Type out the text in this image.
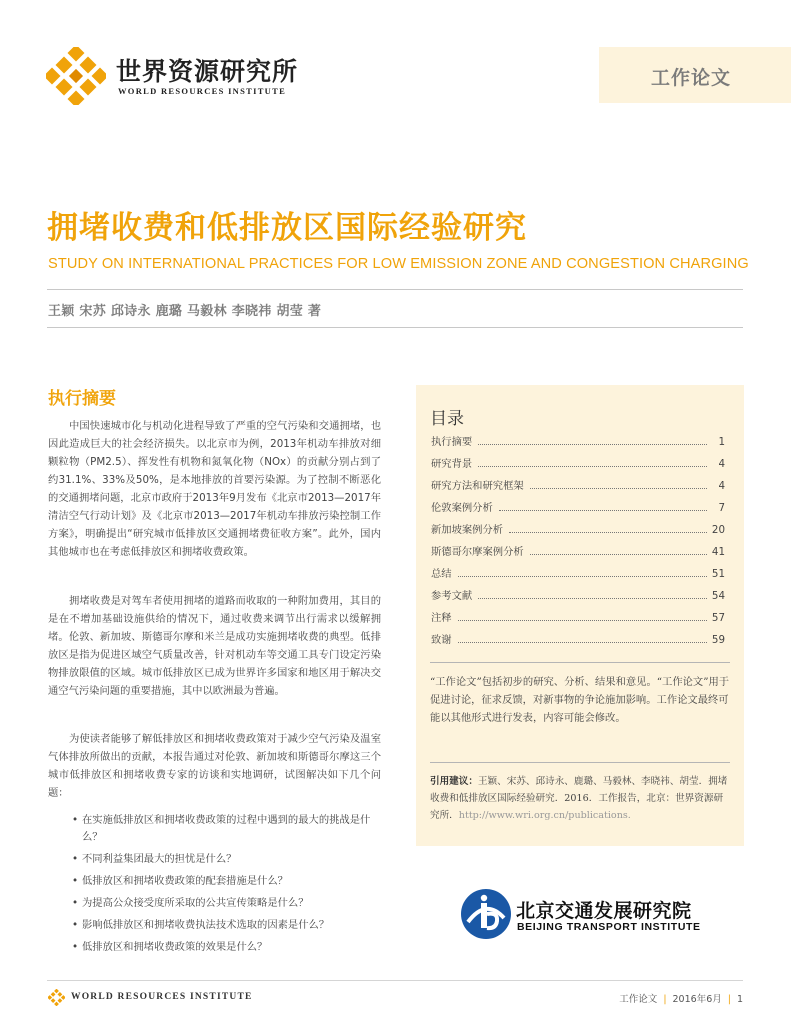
世界资源研究所
WORLD RESOURCES INSTITUTE
工作论文
拥堵收费和低排放区国际经验研究
STUDY ON INTERNATIONAL PRACTICES FOR LOW EMISSION ZONE AND CONGESTION CHARGING
王颖 宋苏 邱诗永 鹿璐 马毅林 李晓祎 胡莹 著
执行摘要
中国快速城市化与机动化进程导致了严重的空气污染和交通拥堵，也因此造成巨大的社会经济损失。以北京市为例，2013年机动车排放对细颗粒物（PM2.5）、挥发性有机物和氮氧化物（NOx）的贡献分别占到了约31.1%、33%及50%，是本地排放的首要污染源。为了控制不断恶化的交通拥堵问题，北京市政府于2013年9月发布《北京市2013—2017年清洁空气行动计划》及《北京市2013—2017年机动车排放污染控制工作方案》，明确提出“研究城市低排放区交通拥堵费征收方案”。此外，国内其他城市也在考虑低排放区和拥堵收费政策。
拥堵收费是对驾车者使用拥堵的道路而收取的一种附加费用，其目的是在不增加基础设施供给的情况下，通过收费来调节出行需求以缓解拥堵。伦敦、新加坡、斯德哥尔摩和米兰是成功实施拥堵收费的典型。低排放区是指为促进区域空气质量改善，针对机动车等交通工具专门设定污染物排放限值的区域。城市低排放区已成为世界许多国家和地区用于解决交通空气污染问题的重要措施，其中以欧洲最为普遍。
为使读者能够了解低排放区和拥堵收费政策对于减少空气污染及温室气体排放所做出的贡献，本报告通过对伦敦、新加坡和斯德哥尔摩这三个城市低排放区和拥堵收费专家的访谈和实地调研，试图解决如下几个问题：
• 在实施低排放区和拥堵收费政策的过程中遇到的最大的挑战是什么？
• 不同利益集团最大的担忧是什么？
• 低排放区和拥堵收费政策的配套措施是什么？
• 为提高公众接受度所采取的公共宣传策略是什么？
• 影响低排放区和拥堵收费执法技术选取的因素是什么？
• 低排放区和拥堵收费政策的效果是什么？
目录
执行摘要	1
研究背景	4
研究方法和研究框架	4
伦敦案例分析	7
新加坡案例分析	20
斯德哥尔摩案例分析	41
总结	51
参考文献	54
注释	57
致谢	59
“工作论文”包括初步的研究、分析、结果和意见。“工作论文”用于促进讨论，征求反馈，对新事物的争论施加影响。工作论文最终可能以其他形式进行发表，内容可能会修改。
引用建议：王颖、宋苏、邱诗永、鹿璐、马毅林、李晓祎、胡莹．拥堵收费和低排放区国际经验研究．2016．工作报告，北京：世界资源研究所．http://www.wri.org.cn/publications.
北京交通发展研究院
BEIJING TRANSPORT INSTITUTE
WORLD RESOURCES INSTITUTE	工作论文 | 2016年6月 | 1
